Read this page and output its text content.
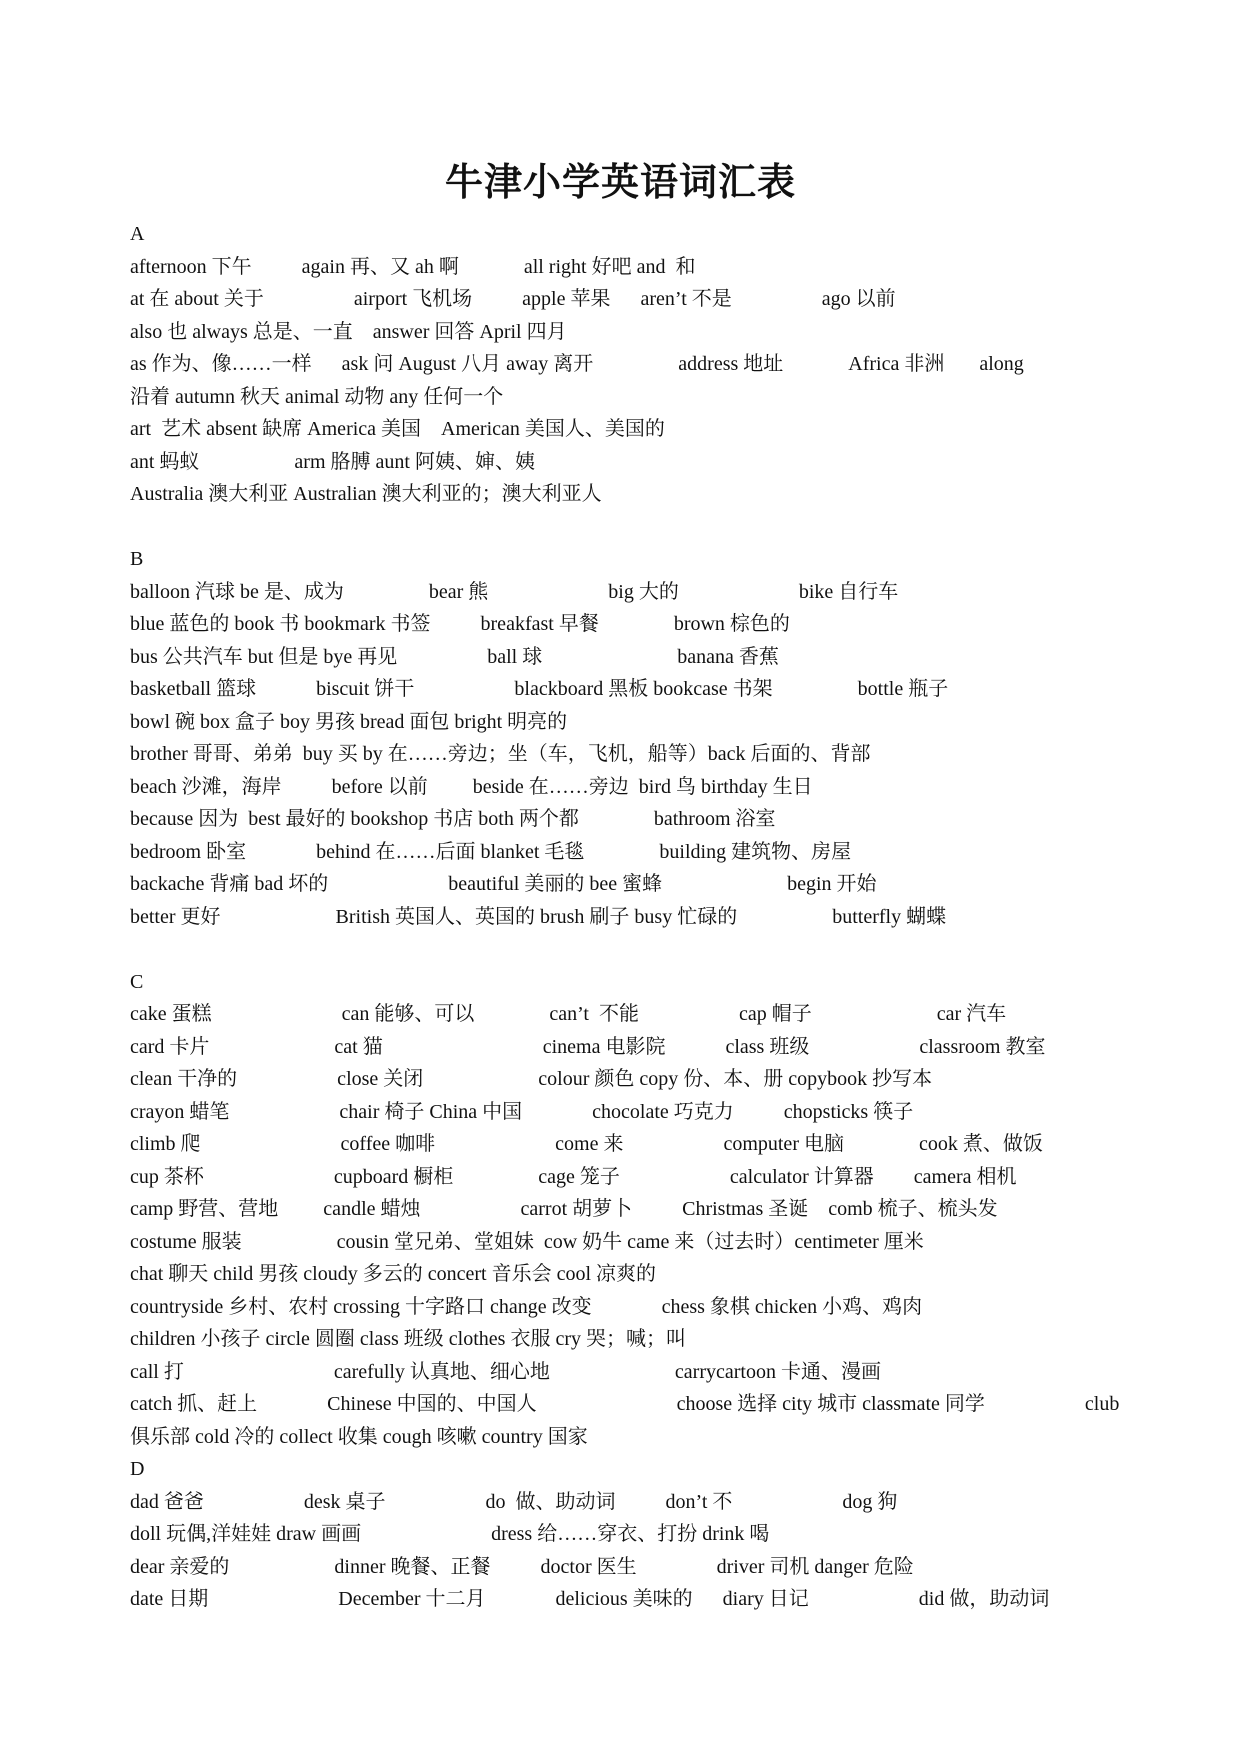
牛津小学英语词汇表
A
afternoon 下午          again 再、又 ah 啊             all right 好吧 and  和
at 在 about 关于                  airport 飞机场          apple 苹果      aren’t 不是                  ago 以前
also 也 always 总是、一直    answer 回答 April 四月
as 作为、像……一样      ask 问 August 八月 away 离开                 address 地址             Africa 非洲       along
沿着 autumn 秋天 animal 动物 any 任何一个
art  艺术 absent 缺席 America 美国    American 美国人、美国的
ant 蚂蚁                   arm 胳膊 aunt 阿姨、婶、姨
Australia 澳大利亚 Australian 澳大利亚的；澳大利亚人
B
balloon 汽球 be 是、成为                 bear 熊                        big 大的                        bike 自行车
blue 蓝色的 book 书 bookmark 书签          breakfast 早餐               brown 棕色的
bus 公共汽车 but 但是 bye 再见                  ball 球                           banana 香蕉
basketball 篮球            biscuit 饼干                    blackboard 黑板 bookcase 书架                 bottle 瓶子
bowl 碗 box 盒子 boy 男孩 bread 面包 bright 明亮的
brother 哥哥、弟弟  buy 买 by 在……旁边；坐（车，飞机，船等）back 后面的、背部
beach 沙滩，海岸          before 以前         beside 在……旁边  bird 鸟 birthday 生日
because 因为  best 最好的 bookshop 书店 both 两个都               bathroom 浴室
bedroom 卧室              behind 在……后面 blanket 毛毯               building 建筑物、房屋
backache 背痛 bad 坏的                        beautiful 美丽的 bee 蜜蜂                         begin 开始
better 更好                       British 英国人、英国的 brush 刷子 busy 忙碌的                   butterfly 蝴蝶
C
cake 蛋糕                          can 能够、可以               can’t  不能                    cap 帽子                         car 汽车
card 卡片                         cat 猫                                cinema 电影院            class 班级                      classroom 教室
clean 干净的                    close 关闭                       colour 颜色 copy 份、本、册 copybook 抄写本
crayon 蜡笔                      chair 椅子 China 中国              chocolate 巧克力          chopsticks 筷子
climb 爬                            coffee 咖啡                        come 来                    computer 电脑               cook 煮、做饭
cup 茶杯                          cupboard 橱柜                 cage 笼子                      calculator 计算器        camera 相机
camp 野营、营地         candle 蜡烛                    carrot 胡萝卜          Christmas 圣诞    comb 梳子、梳头发
costume 服装                   cousin 堂兄弟、堂姐妹  cow 奶牛 came 来（过去时）centimeter 厘米
chat 聊天 child 男孩 cloudy 多云的 concert 音乐会 cool 凉爽的
countryside 乡村、农村 crossing 十字路口 change 改变              chess 象棋 chicken 小鸡、鸡肉
children 小孩子 circle 圆圈 class 班级 clothes 衣服 cry 哭；喊；叫
call 打                              carefully 认真地、细心地                         carrycartoon 卡通、漫画
catch 抓、赶上              Chinese 中国的、中国人                            choose 选择 city 城市 classmate 同学                    club
俱乐部 cold 冷的 collect 收集 cough 咳嗽 country 国家
D
dad 爸爸                    desk 桌子                    do  做、助动词          don’t 不                      dog 狗
doll 玩偶,洋娃娃 draw 画画                          dress 给……穿衣、打扮 drink 喝
dear 亲爱的                     dinner 晚餐、正餐          doctor 医生                driver 司机 danger 危险
date 日期                          December 十二月              delicious 美味的      diary 日记                      did 做，助动词
